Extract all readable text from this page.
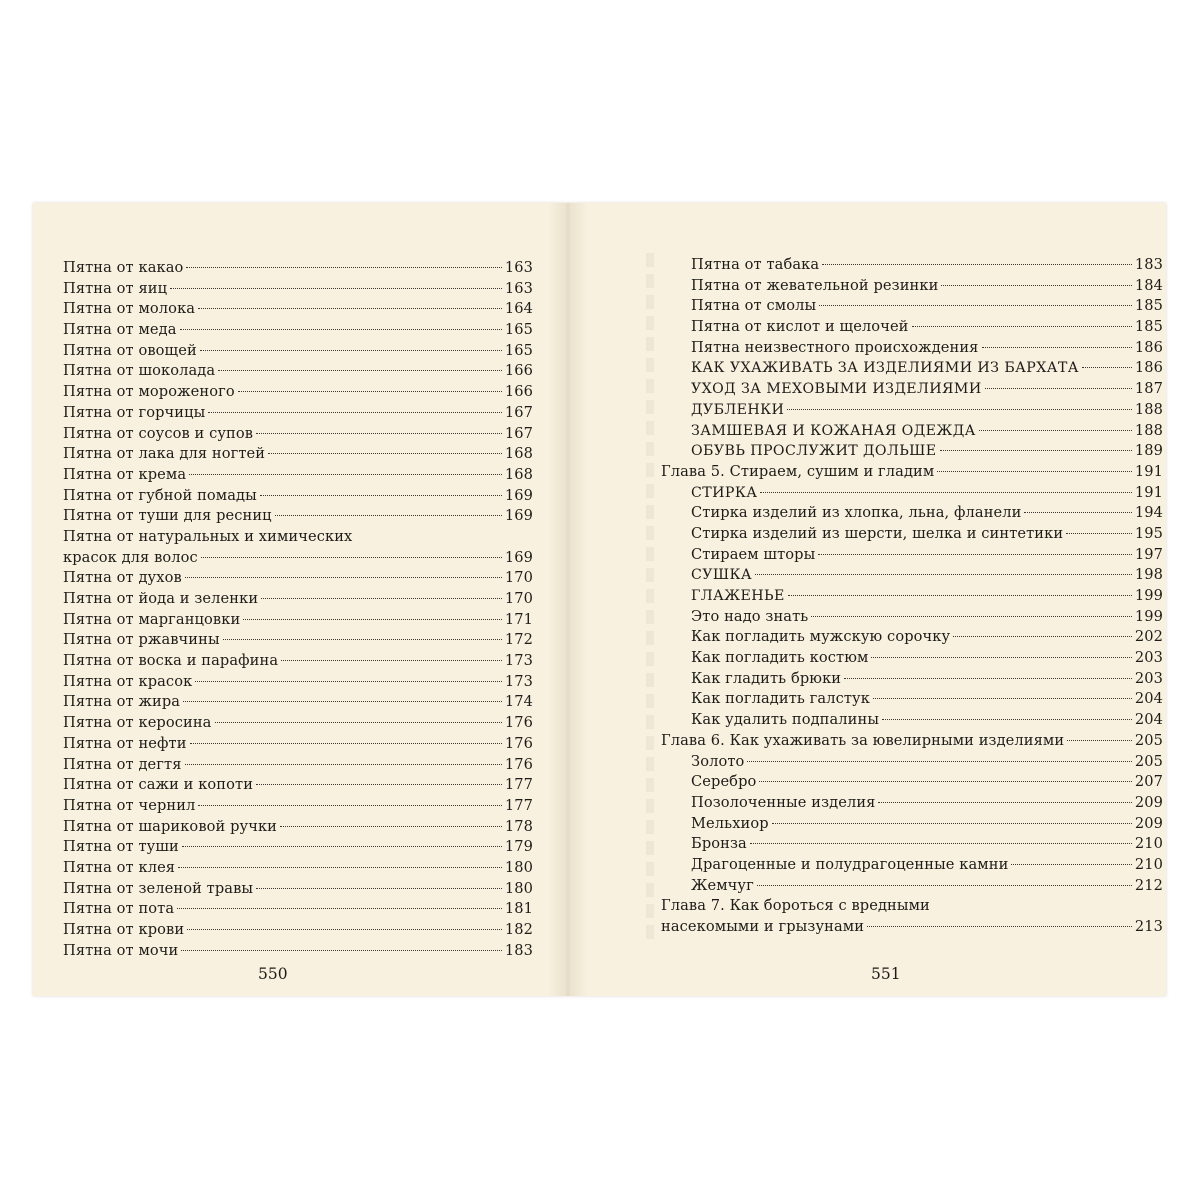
Пятна от какао	163
Пятна от яиц	163
Пятна от молока	164
Пятна от меда	165
Пятна от овощей	165
Пятна от шоколада	166
Пятна от мороженого	166
Пятна от горчицы	167
Пятна от соусов и супов	167
Пятна от лака для ногтей	168
Пятна от крема	168
Пятна от губной помады	169
Пятна от туши для ресниц	169
Пятна от натуральных и химических
красок для волос	169
Пятна от духов	170
Пятна от йода и зеленки	170
Пятна от марганцовки	171
Пятна от ржавчины	172
Пятна от воска и парафина	173
Пятна от красок	173
Пятна от жира	174
Пятна от керосина	176
Пятна от нефти	176
Пятна от дегтя	176
Пятна от сажи и копоти	177
Пятна от чернил	177
Пятна от шариковой ручки	178
Пятна от туши	179
Пятна от клея	180
Пятна от зеленой травы	180
Пятна от пота	181
Пятна от крови	182
Пятна от мочи	183
550
Пятна от табака	183
Пятна от жевательной резинки	184
Пятна от смолы	185
Пятна от кислот и щелочей	185
Пятна неизвестного происхождения	186
КАК УХАЖИВАТЬ ЗА ИЗДЕЛИЯМИ ИЗ БАРХАТА	186
УХОД ЗА МЕХОВЫМИ ИЗДЕЛИЯМИ	187
ДУБЛЕНКИ	188
ЗАМШЕВАЯ И КОЖАНАЯ ОДЕЖДА	188
ОБУВЬ ПРОСЛУЖИТ ДОЛЬШЕ	189
Глава 5. Стираем, сушим и гладим	191
СТИРКА	191
Стирка изделий из хлопка, льна, фланели	194
Стирка изделий из шерсти, шелка и синтетики	195
Стираем шторы	197
СУШКА	198
ГЛАЖЕНЬЕ	199
Это надо знать	199
Как погладить мужскую сорочку	202
Как погладить костюм	203
Как гладить брюки	203
Как погладить галстук	204
Как удалить подпалины	204
Глава 6. Как ухаживать за ювелирными изделиями	205
Золото	205
Серебро	207
Позолоченные изделия	209
Мельхиор	209
Бронза	210
Драгоценные и полудрагоценные камни	210
Жемчуг	212
Глава 7. Как бороться с вредными
насекомыми и грызунами	213
551
